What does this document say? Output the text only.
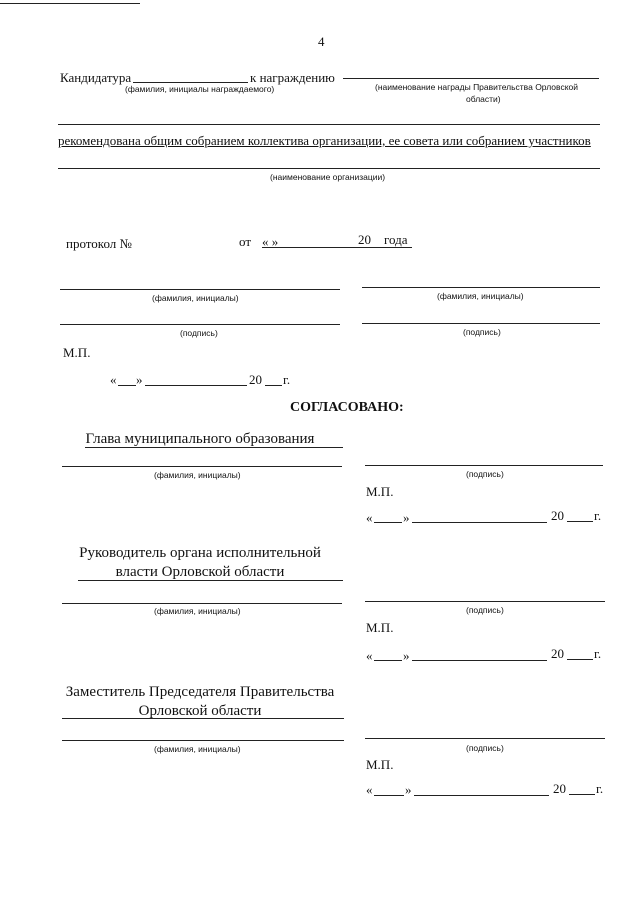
4
Кандидатура	к награждению
(фамилия, инициалы награждаемого)	(наименование награды Правительства Орловской
области)
рекомендована общим собранием коллектива организации, ее совета или собранием участников
(наименование организации)
протокол №	от « »	20 года
(фамилия, инициалы)	(фамилия, инициалы)
(подпись)	(подпись)
М.П.
« »	20 г.
СОГЛАСОВАНО:
Глава муниципального образования
(фамилия, инициалы)	(подпись)
М.П.
« »	20 г.
Руководитель органа исполнительной
власти Орловской области
(фамилия, инициалы)	(подпись)
М.П.
« »	20 г.
Заместитель Председателя Правительства
Орловской области
(фамилия, инициалы)	(подпись)
М.П.
«	»	20 г.
